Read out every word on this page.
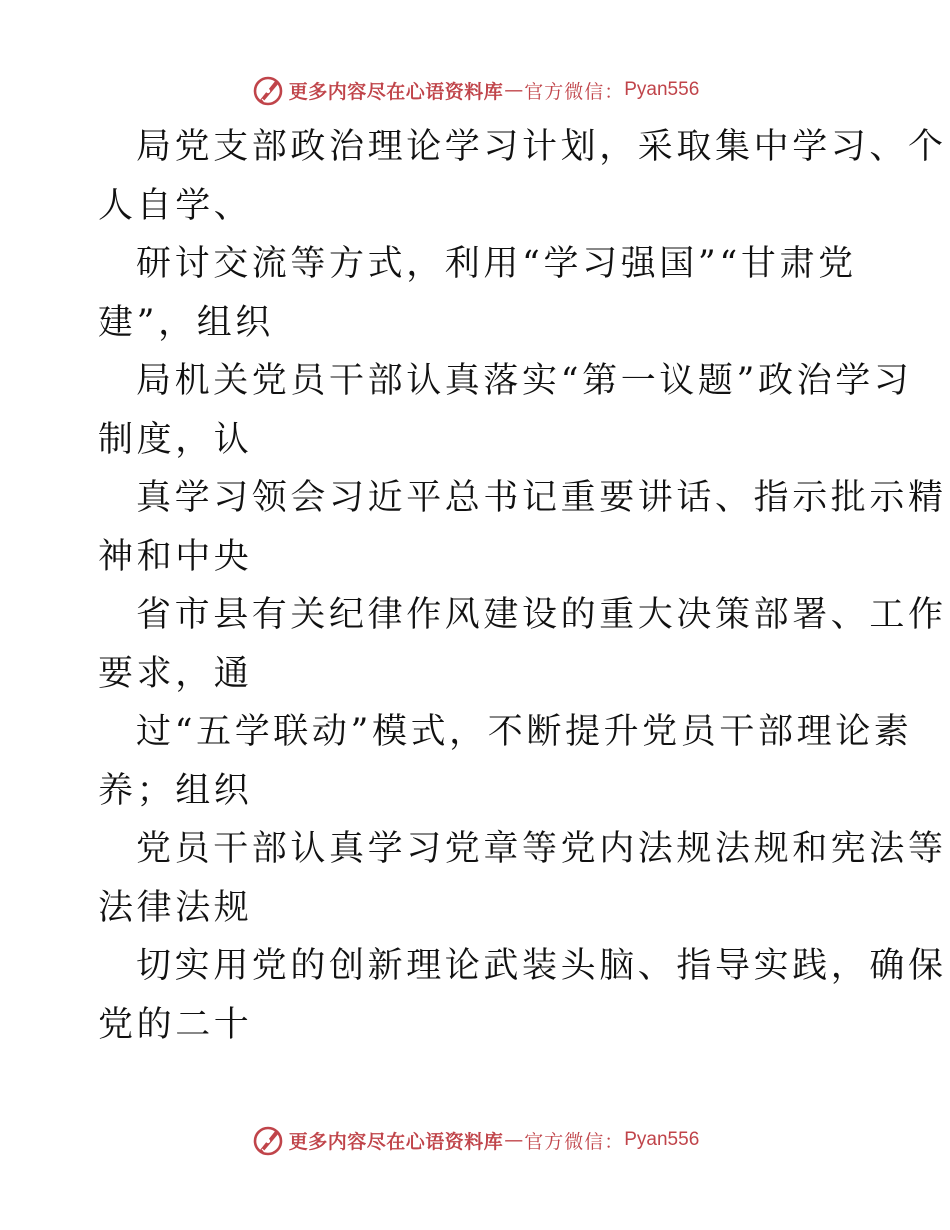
更多内容尽在心语资料库 — 官方微信： Pyan556
局党支部政治理论学习计划，采取集中学习、个
人自学、
研讨交流等方式，利用“学习强国”“甘肃党
建”，组织
局机关党员干部认真落实“第一议题”政治学习
制度，认
真学习领会习近平总书记重要讲话、指示批示精
神和中央
省市县有关纪律作风建设的重大决策部署、工作
要求，通
过“五学联动”模式，不断提升党员干部理论素
养；组织
党员干部认真学习党章等党内法规法规和宪法等
法律法规
切实用党的创新理论武装头脑、指导实践，确保
党的二十
更多内容尽在心语资料库 — 官方微信： Pyan556
